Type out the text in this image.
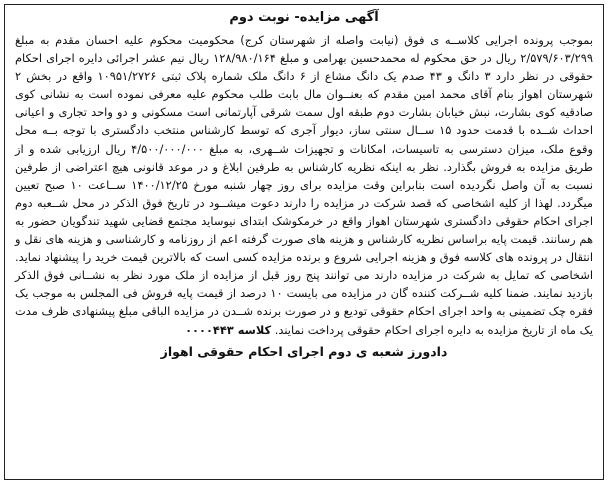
آگهی مزایده- نوبت دوم

بموجب پرونده اجرایی کلاســه ی فوق (نیابت واصله از شهرستان کرج) محکومیت محکوم علیه احسان مقدم به مبلغ ۲/۵۷۹/۶۰۳/۲۹۹ ریال در حق محکوم له محمدحسین بهرامی و مبلغ ۱۲۸/۹۸۰/۱۶۴ ریال نیم عشر اجرائی دایره اجرای احکام حقوقی در نظر دارد ۳ دانگ و ۴۳ صدم یک دانگ مشاع از ۶ دانگ ملک شماره پلاک ثبتی ۱۰۹۵۱/۲۷۲۶ واقع در بخش ۲ شهرستان اهواز بنام آقای محمد امین مقدم که بعنــوان مال بابت طلب محکوم علیه معرفی نموده است به نشانی کوی صادقیه کوی بشارت، نبش خیابان بشارت دوم طبقه اول سمت شرقی آپارتمانی است مسکونی و دو واحد تجاری و اعیانی احداث شــده با قدمت حدود ۱۵ ســال سنتی ساز، دیوار آجری که توسط کارشناس منتخب دادگستری با توجه بــه محل وقوع ملک، میزان دسترسی به تاسیسات، امکانات و تجهیزات شــهری، به مبلغ ۴/۵۰۰/۰۰۰/۰۰۰ ریال ارزیابی شده و از طریق مزایده به فروش بگذارد. نظر به اینکه نظریه کارشناس به طرفین ابلاغ و در موعد قانونی هیچ اعتراضی از طرفین نسبت به آن واصل نگردیده است بنابراین وقت مزایده برای روز چهار شنبه مورخ ۱۴۰۰/۱۲/۲۵ ســاعت ۱۰ صبح تعیین میگردد. لهذا از کلیه اشخاصی که قصد شرکت در مزایده را دارند دعوت میشــود در تاریخ فوق الذکر در محل شــعبه دوم اجرای احکام حقوقی دادگستری شهرستان اهواز واقع در خرمکوشک ابتدای نیوساید مجتمع قضایی شهید تندگویان حضور به هم رسانند. قیمت پایه براساس نظریه کارشناس و هزینه های صورت گرفته اعم از روزنامه و کارشناسی و هزینه های نقل و انتقال در پرونده های کلاسه فوق و هزینه اجرایی شروع و برنده مزایده کسی است که بالاترین قیمت خرید را پیشنهاد نماید. اشخاصی که تمایل به شرکت در مزایده دارند می توانند پنج روز قبل از مزایده از ملک مورد نظر به نشــانی فوق الذکر بازدید نمایند. ضمنا کلیه شــرکت کننده گان در مزایده می بایست ۱۰ درصد از قیمت پایه فروش فی المجلس به موجب یک فقره چک تضمینی به واحد اجرای احکام حقوقی تودیع و در صورت برنده شــدن در مزایده الباقی مبلغ پیشنهادی ظرف مدت یک ماه از تاریخ مزایده به دایره اجرای احکام حقوقی پرداخت نمایند. کلاسه ۰۰۰۰۴۴۳

دادورز شعبه ی دوم اجرای احکام حقوقی اهواز
